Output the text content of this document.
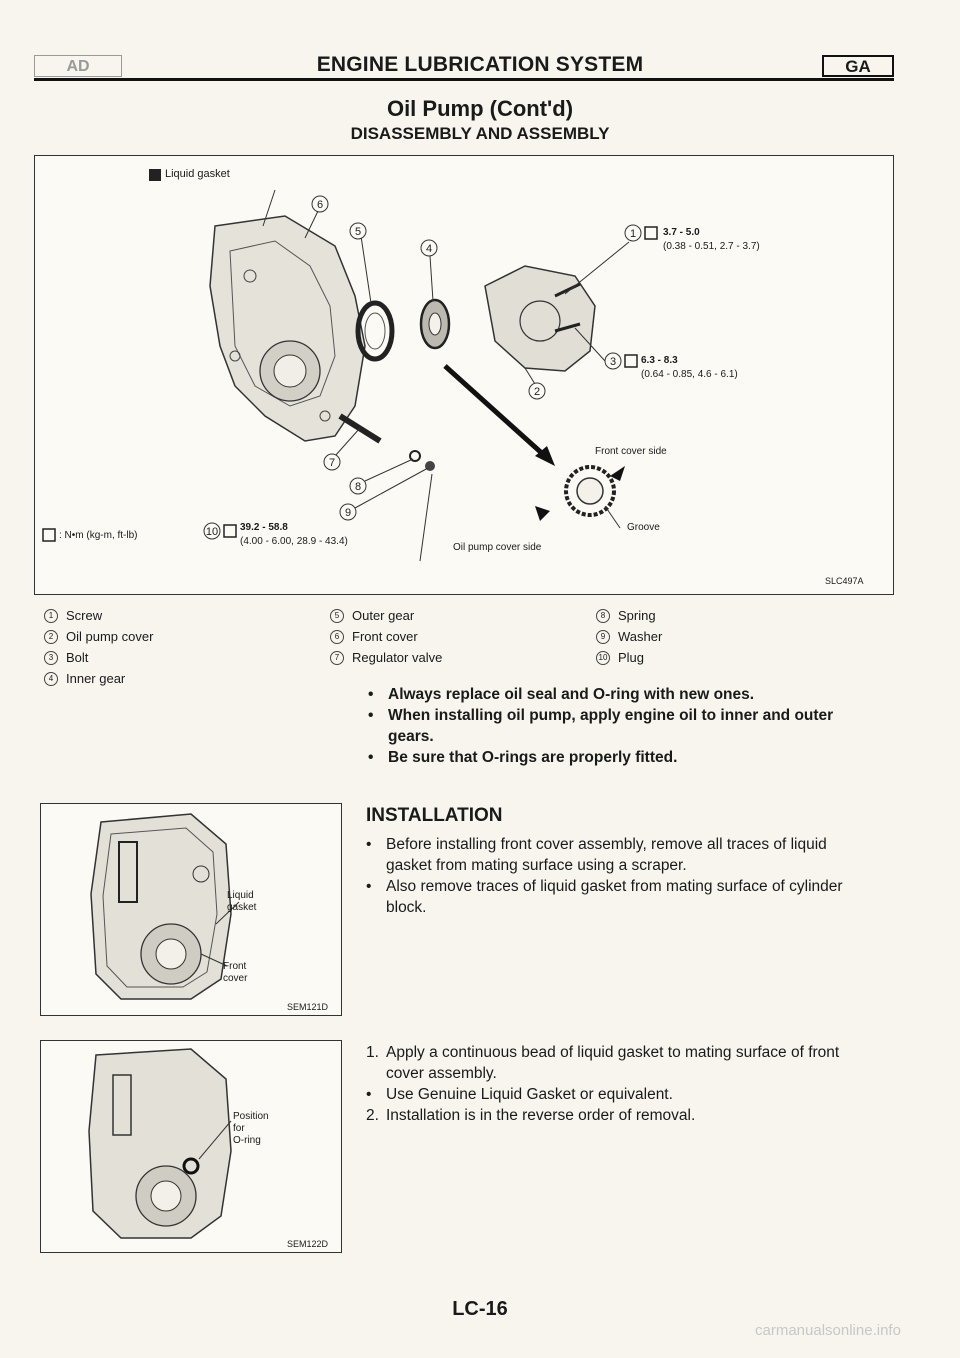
AD	ENGINE LUBRICATION SYSTEM	GA
Oil Pump (Cont'd)
DISASSEMBLY AND ASSEMBLY
6
5
4
1
3
2
7
8
9
10
Liquid gasket
3.7 - 5.0
(0.38 - 0.51, 2.7 - 3.7)
6.3 - 8.3
(0.64 - 0.85, 4.6 - 6.1)
Front cover side
Groove
Oil pump cover side
: N•m (kg-m, ft-lb)
39.2 - 58.8
(4.00 - 6.00, 28.9 - 43.4)
SLC497A
1 Screw
2 Oil pump cover
3 Bolt
4 Inner gear
5 Outer gear
6 Front cover
7 Regulator valve
8 Spring
9 Washer
10 Plug
• Always replace oil seal and O-ring with new ones.
• When installing oil pump, apply engine oil to inner and outer gears.
• Be sure that O-rings are properly fitted.
Liquid
gasket
Front
cover
SEM121D
INSTALLATION
• Before installing front cover assembly, remove all traces of liquid gasket from mating surface using a scraper.
• Also remove traces of liquid gasket from mating surface of cylinder block.
Position
for
O-ring
SEM122D
1. Apply a continuous bead of liquid gasket to mating surface of front cover assembly.
• Use Genuine Liquid Gasket or equivalent.
2. Installation is in the reverse order of removal.
LC-16
carmanualsonline.info
